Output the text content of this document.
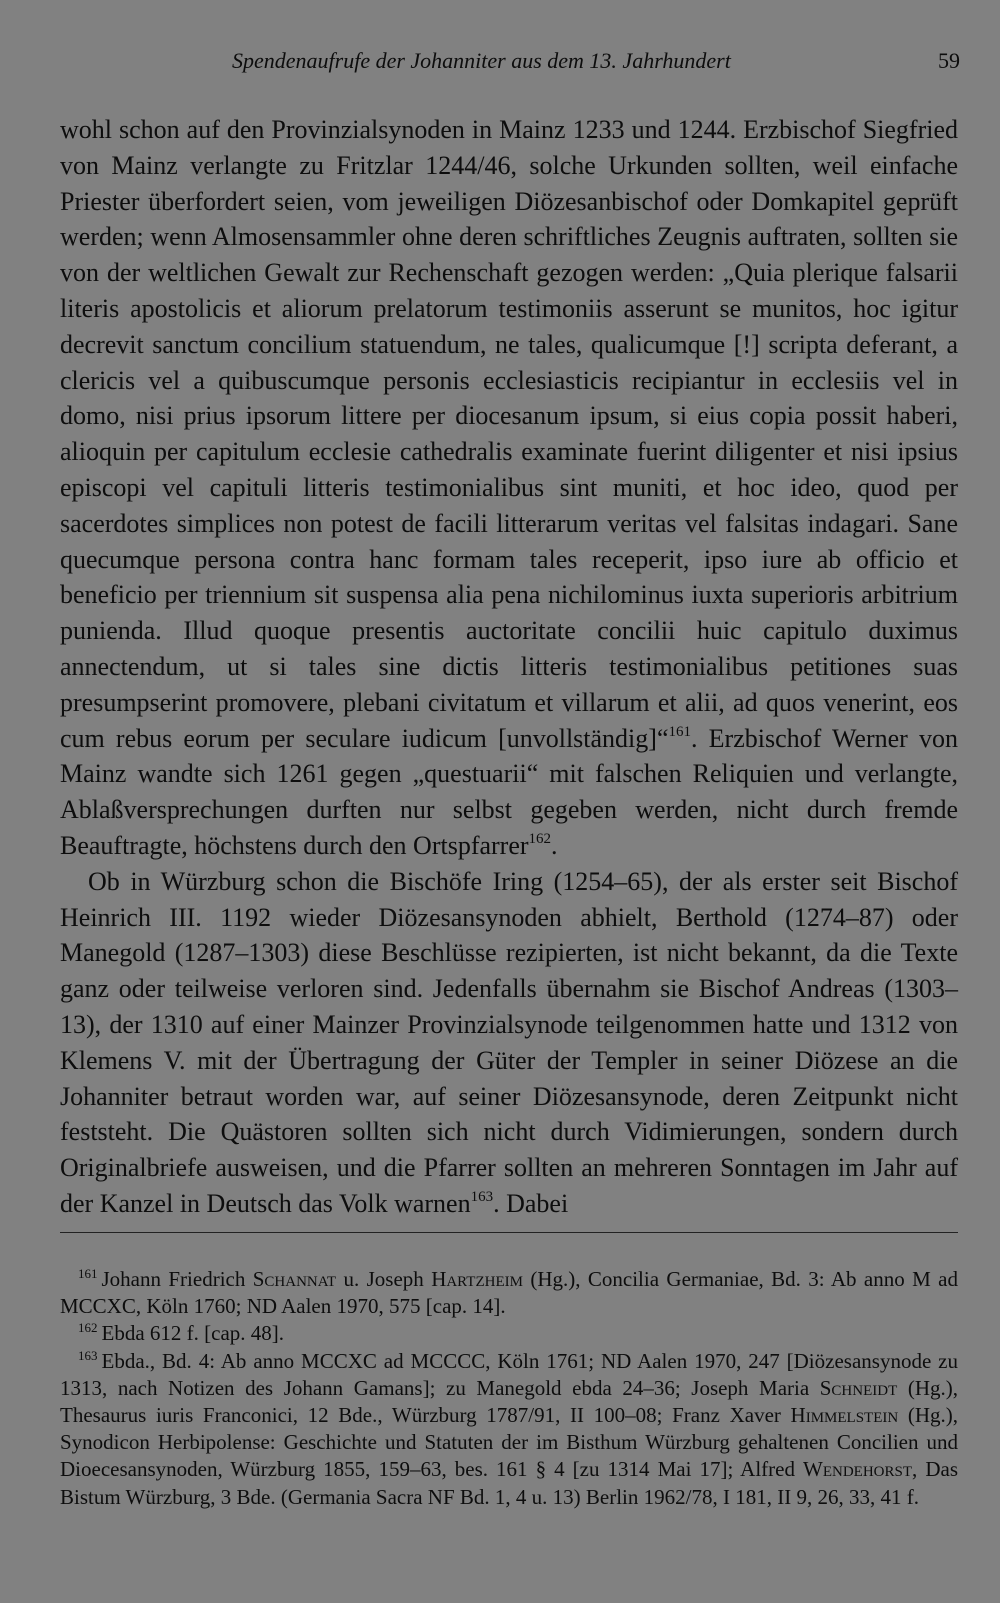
Spendenaufrufe der Johanniter aus dem 13. Jahrhundert	59

wohl schon auf den Provinzialsynoden in Mainz 1233 und 1244. Erzbischof Siegfried von Mainz verlangte zu Fritzlar 1244/46, solche Urkunden sollten, weil einfache Priester überfordert seien, vom jeweiligen Diözesanbischof oder Domkapitel geprüft werden; wenn Almosensammler ohne deren schriftliches Zeugnis auftraten, sollten sie von der weltlichen Gewalt zur Rechenschaft gezogen werden: „Quia plerique falsarii literis apostolicis et aliorum prelatorum testimoniis asserunt se munitos, hoc igitur decrevit sanctum concilium statuendum, ne tales, qualicumque [!] scripta deferant, a clericis vel a quibuscumque personis ecclesiasticis recipiantur in ecclesiis vel in domo, nisi prius ipsorum littere per diocesanum ipsum, si eius copia possit haberi, alioquin per capitulum ecclesie cathedralis examinate fuerint diligenter et nisi ipsius episcopi vel capituli litteris testimonialibus sint muniti, et hoc ideo, quod per sacerdotes simplices non potest de facili litterarum veritas vel falsitas indagari. Sane quecumque persona contra hanc formam tales receperit, ipso iure ab officio et beneficio per triennium sit suspensa alia pena nichilominus iuxta superioris arbitrium punienda. Illud quoque presentis auctoritate concilii huic capitulo duximus annectendum, ut si tales sine dictis litteris testimonialibus petitiones suas presumpserint promovere, plebani civitatum et villarum et alii, ad quos venerint, eos cum rebus eorum per seculare iudicum [unvollständig]“$^{161}$. Erzbischof Werner von Mainz wandte sich 1261 gegen „questuarii“ mit falschen Reliquien und verlangte, Ablaßversprechungen durften nur selbst gegeben werden, nicht durch fremde Beauftragte, höchstens durch den Ortspfarrer$^{162}$.

Ob in Würzburg schon die Bischöfe Iring (1254–65), der als erster seit Bischof Heinrich III. 1192 wieder Diözesansynoden abhielt, Berthold (1274–87) oder Manegold (1287–1303) diese Beschlüsse rezipierten, ist nicht bekannt, da die Texte ganz oder teilweise verloren sind. Jedenfalls übernahm sie Bischof Andreas (1303–13), der 1310 auf einer Mainzer Provinzialsynode teilgenommen hatte und 1312 von Klemens V. mit der Übertragung der Güter der Templer in seiner Diözese an die Johanniter betraut worden war, auf seiner Diözesansynode, deren Zeitpunkt nicht feststeht. Die Quästoren sollten sich nicht durch Vidimierungen, sondern durch Originalbriefe ausweisen, und die Pfarrer sollten an mehreren Sonntagen im Jahr auf der Kanzel in Deutsch das Volk warnen$^{163}$. Dabei

$^{161}$ Johann Friedrich Schannat u. Joseph Hartzheim (Hg.), Concilia Germaniae, Bd. 3: Ab anno M ad MCCXC, Köln 1760; ND Aalen 1970, 575 [cap. 14].

$^{162}$ Ebda 612 f. [cap. 48].

$^{163}$ Ebda., Bd. 4: Ab anno MCCXC ad MCCCC, Köln 1761; ND Aalen 1970, 247 [Diözesansynode zu 1313, nach Notizen des Johann Gamans]; zu Manegold ebda 24–36; Joseph Maria Schneidt (Hg.), Thesaurus iuris Franconici, 12 Bde., Würzburg 1787/91, II 100–08; Franz Xaver Himmelstein (Hg.), Synodicon Herbipolense: Geschichte und Statuten der im Bisthum Würzburg gehaltenen Concilien und Dioecesansynoden, Würzburg 1855, 159–63, bes. 161 § 4 [zu 1314 Mai 17]; Alfred Wendehorst, Das Bistum Würzburg, 3 Bde. (Germania Sacra NF Bd. 1, 4 u. 13) Berlin 1962/78, I 181, II 9, 26, 33, 41 f.
